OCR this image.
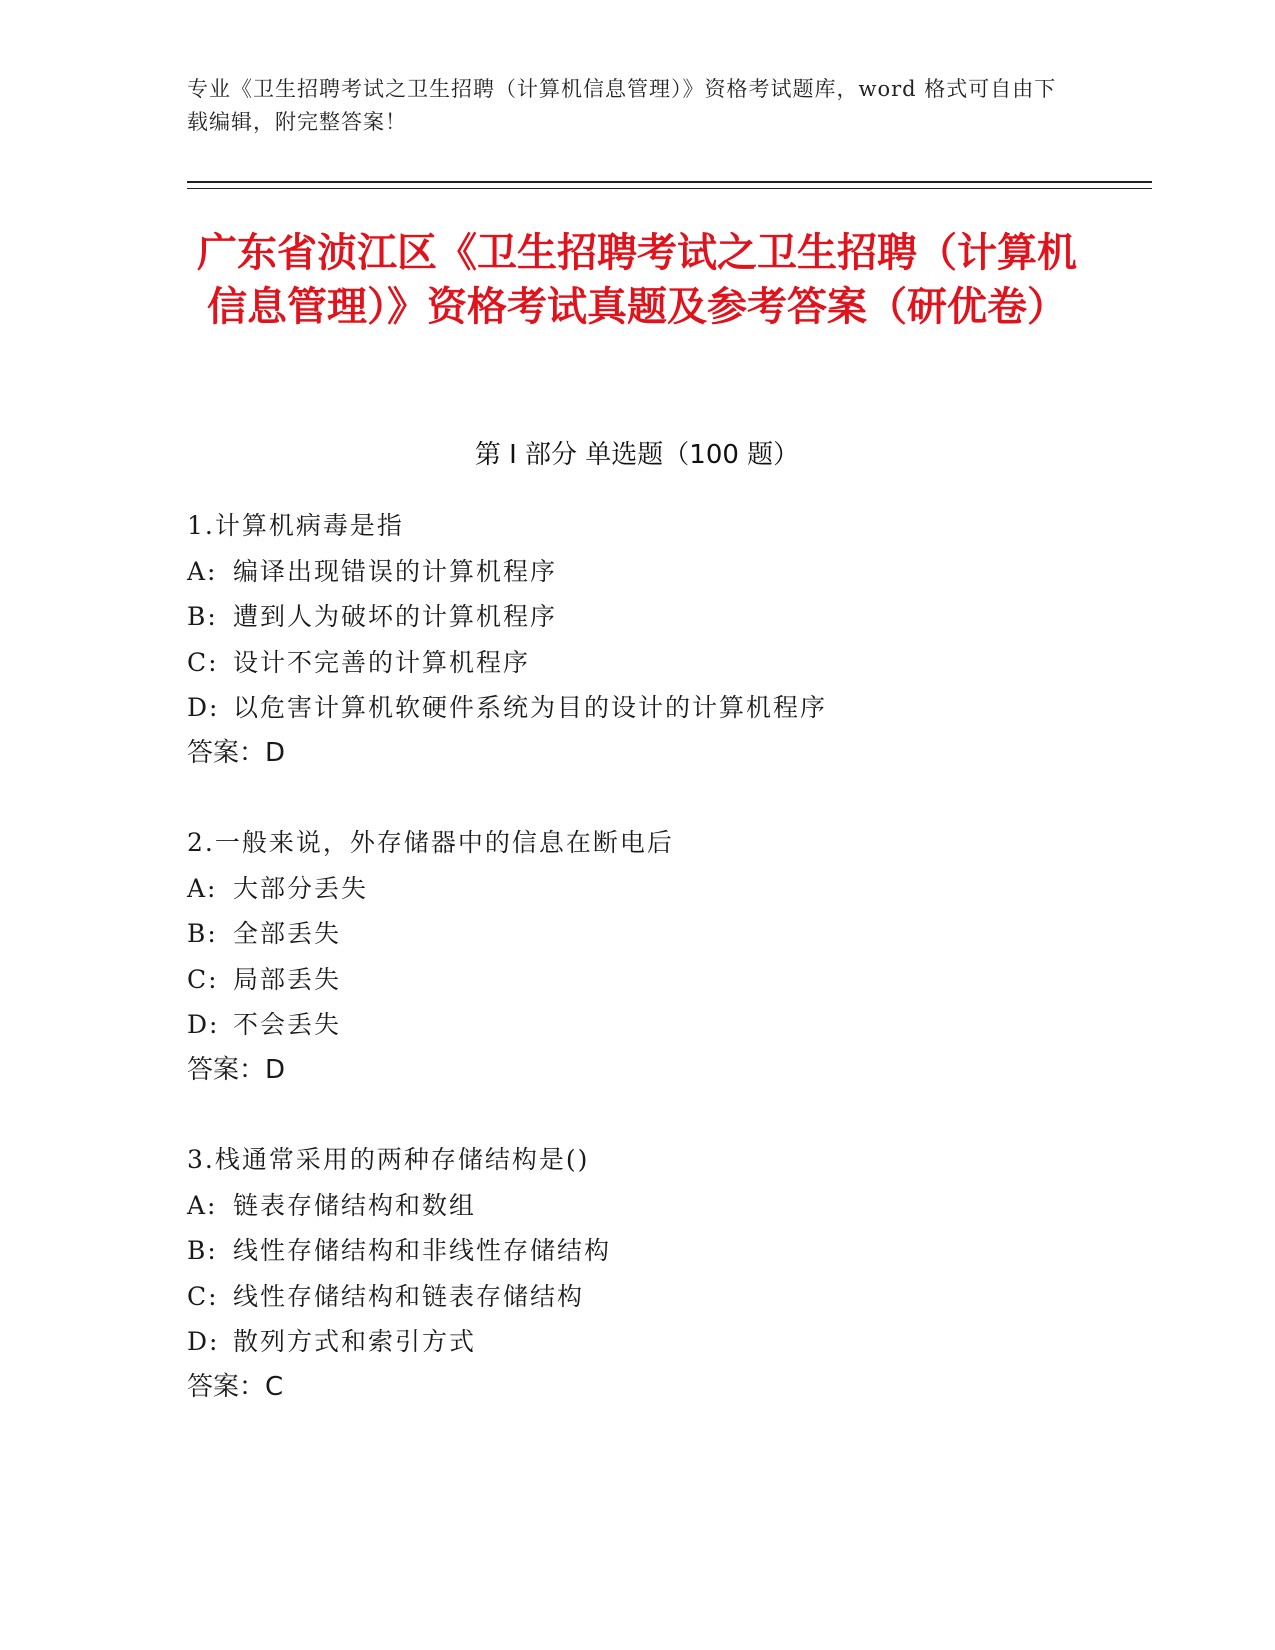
专业《卫生招聘考试之卫生招聘（计算机信息管理）》资格考试题库，word 格式可自由下载编辑，附完整答案！
广东省浈江区《卫生招聘考试之卫生招聘（计算机信息管理）》资格考试真题及参考答案（研优卷）
第 I 部分 单选题（100 题）
1.计算机病毒是指
A: 编译出现错误的计算机程序
B: 遭到人为破坏的计算机程序
C: 设计不完善的计算机程序
D: 以危害计算机软硬件系统为目的设计的计算机程序
答案：D
2.一般来说，外存储器中的信息在断电后
A: 大部分丢失
B: 全部丢失
C: 局部丢失
D: 不会丢失
答案：D
3.栈通常采用的两种存储结构是()
A: 链表存储结构和数组
B: 线性存储结构和非线性存储结构
C: 线性存储结构和链表存储结构
D: 散列方式和索引方式
答案：C
